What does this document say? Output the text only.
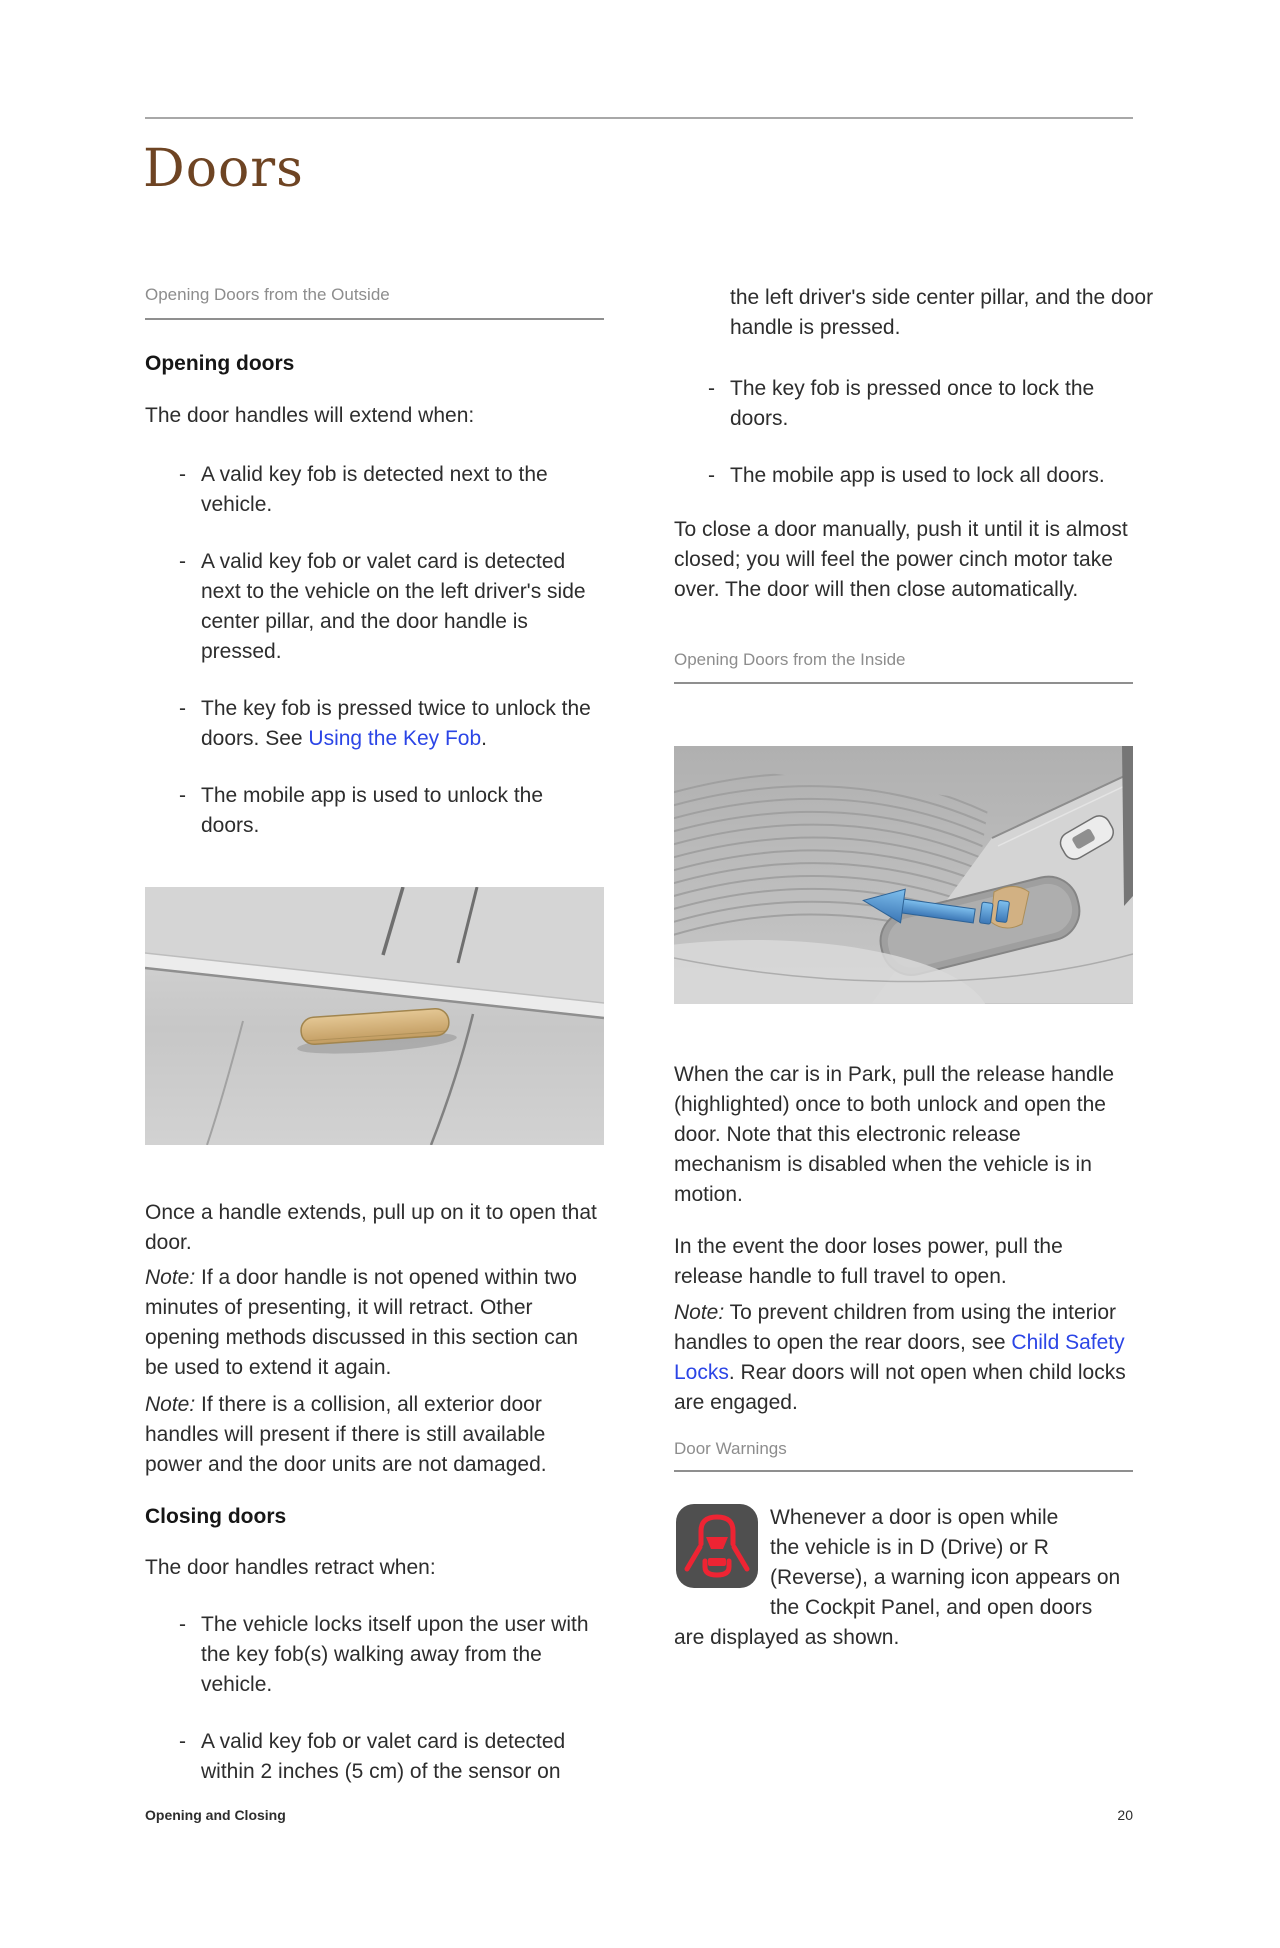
Doors
Opening Doors from the Outside
Opening doors
The door handles will extend when:
- A valid key fob is detected next to the vehicle.
- A valid key fob or valet card is detected next to the vehicle on the left driver's side center pillar, and the door handle is pressed.
- The key fob is pressed twice to unlock the doors. See Using the Key Fob.
- The mobile app is used to unlock the doors.
Once a handle extends, pull up on it to open that door.
Note: If a door handle is not opened within two minutes of presenting, it will retract. Other opening methods discussed in this section can be used to extend it again.
Note: If there is a collision, all exterior door handles will present if there is still available power and the door units are not damaged.
Closing doors
The door handles retract when:
- The vehicle locks itself upon the user with the key fob(s) walking away from the vehicle.
- A valid key fob or valet card is detected within 2 inches (5 cm) of the sensor on
the left driver's side center pillar, and the door handle is pressed.
- The key fob is pressed once to lock the doors.
- The mobile app is used to lock all doors.
To close a door manually, push it until it is almost closed; you will feel the power cinch motor take over. The door will then close automatically.
Opening Doors from the Inside
When the car is in Park, pull the release handle (highlighted) once to both unlock and open the door. Note that this electronic release mechanism is disabled when the vehicle is in motion.
In the event the door loses power, pull the release handle to full travel to open.
Note: To prevent children from using the interior handles to open the rear doors, see Child Safety Locks. Rear doors will not open when child locks are engaged.
Door Warnings
Whenever a door is open while
the vehicle is in D (Drive) or R
(Reverse), a warning icon appears on
the Cockpit Panel, and open doors
are displayed as shown.
Opening and Closing	20
